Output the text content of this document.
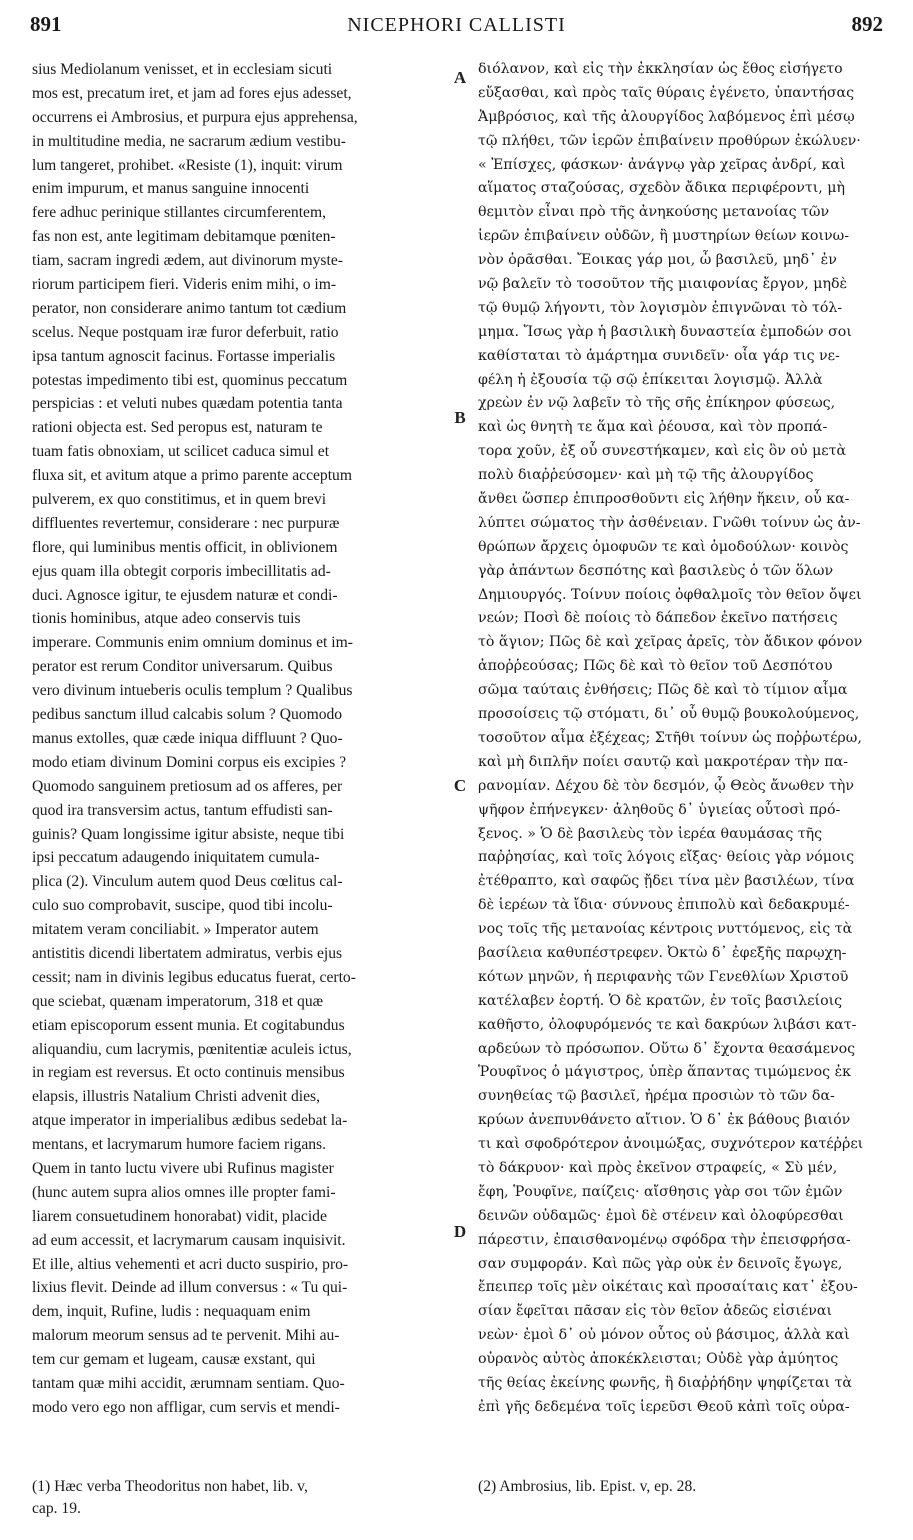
891	NICEPHORI CALLISTI	892
sius Mediolanum venisset, et in ecclesiam sicuti
mos est, precatum iret, et jam ad fores ejus adesset,
occurrens ei Ambrosius, et purpura ejus apprehensa,
in multitudine media, ne sacrarum ædium vestibu-
lum tangeret, prohibet. «Resiste (1), inquit: virum
enim impurum, et manus sanguine innocenti
fere adhuc perinique stillantes circumferentem,
fas non est, ante legitimam debitamque pœniten-
tiam, sacram ingredi ædem, aut divinorum myste-
riorum participem fieri. Videris enim mihi, o im-
perator, non considerare animo tantum tot cædium
scelus. Neque postquam iræ furor deferbuit, ratio
ipsa tantum agnoscit facinus. Fortasse imperialis
potestas impedimento tibi est, quominus peccatum
perspicias : et veluti nubes quædam potentia tanta
rationi objecta est. Sed peropus est, naturam te
tuam fatis obnoxiam, ut scilicet caduca simul et
fluxa sit, et avitum atque a primo parente acceptum
pulverem, ex quo constitimus, et in quem brevi
diffluentes revertemur, considerare : nec purpuræ
flore, qui luminibus mentis officit, in oblivionem
ejus quam illa obtegit corporis imbecillitatis ad-
duci. Agnosce igitur, te ejusdem naturæ et condi-
tionis hominibus, atque adeo conservis tuis
imperare. Communis enim omnium dominus et im-
perator est rerum Conditor universarum. Quibus
vero divinum intueberis oculis templum ? Qualibus
pedibus sanctum illud calcabis solum ? Quomodo
manus extolles, quæ cæde iniqua diffluunt ? Quo-
modo etiam divinum Domini corpus eis excipies ?
Quomodo sanguinem pretiosum ad os afferes, per
quod ira transversim actus, tantum effudisti san-
guinis? Quam longissime igitur absiste, neque tibi
ipsi peccatum adaugendo iniquitatem cumula-
plica (2). Vinculum autem quod Deus cœlitus cal-
culo suo comprobavit, suscipe, quod tibi incolu-
mitatem veram conciliabit. » Imperator autem
antistitis dicendi libertatem admiratus, verbis ejus
cessit; nam in divinis legibus educatus fuerat, certo-
que sciebat, quænam imperatorum, 318 et quæ
etiam episcoporum essent munia. Et cogitabundus
aliquandiu, cum lacrymis, pœnitentiæ aculeis ictus,
in regiam est reversus. Et octo continuis mensibus
elapsis, illustris Natalium Christi advenit dies,
atque imperator in imperialibus ædibus sedebat la-
mentans, et lacrymarum humore faciem rigans.
Quem in tanto luctu vivere ubi Rufinus magister
(hunc autem supra alios omnes ille propter fami-
liarem consuetudinem honorabat) vidit, placide
ad eum accessit, et lacrymarum causam inquisivit.
Et ille, altius vehementi et acri ducto suspirio, pro-
lixius flevit. Deinde ad illum conversus : « Tu qui-
dem, inquit, Rufine, ludis : nequaquam enim
malorum meorum sensus ad te pervenit. Mihi au-
tem cur gemam et lugeam, causæ exstant, qui
tantam quæ mihi accidit, ærumnam sentiam. Quo-
modo vero ego non affligar, cum servis et mendi-
διόλανον, καὶ εἰς τὴν ἐκκλησίαν ὡς ἔθος εἰσήγετο
εὔξασθαι, καὶ πρὸς ταῖς θύραις ἐγένετο, ὑπαντήσας
Ἀμβρόσιος, καὶ τῆς ἀλουργίδος λαβόμενος ἐπὶ μέσῳ
τῷ πλήθει, τῶν ἱερῶν ἐπιβαίνειν προθύρων ἐκώλυεν·
« Ἐπίσχες, φάσκων· ἀνάγνῳ γὰρ χεῖρας ἀνδρί, καὶ
αἵματος σταζούσας, σχεδὸν ἄδικα περιφέροντι, μὴ
θεμιτὸν εἶναι πρὸ τῆς ἀνηκούσης μετανοίας τῶν
ἱερῶν ἐπιβαίνειν οὐδῶν, ἢ μυστηρίων θείων κοινω-
νὸν ὁρᾶσθαι. Ἔοικας γάρ μοι, ὦ βασιλεῦ, μηδ᾽ ἐν
νῷ βαλεῖν τὸ τοσοῦτον τῆς μιαιφονίας ἔργον, μηδὲ
τῷ θυμῷ λήγοντι, τὸν λογισμὸν ἐπιγνῶναι τὸ τόλ-
μημα. Ἴσως γὰρ ἡ βασιλικὴ δυναστεία ἐμποδών σοι
καθίσταται τὸ ἁμάρτημα συνιδεῖν· οἷα γάρ τις νε-
φέλη ἡ ἐξουσία τῷ σῷ ἐπίκειται λογισμῷ. Ἀλλὰ
χρεὼν ἐν νῷ λαβεῖν τὸ τῆς σῆς ἐπίκηρον φύσεως,
καὶ ὡς θνητὴ τε ἅμα καὶ ῥέουσα, καὶ τὸν προπά-
τορα χοῦν, ἐξ οὗ συνεστήκαμεν, καὶ εἰς ὃν οὐ μετὰ
πολὺ διαῤῥεύσομεν· καὶ μὴ τῷ τῆς ἀλουργίδος
ἄνθει ὥσπερ ἐπιπροσθοῦντι εἰς λήθην ἥκειν, οὗ κα-
λύπτει σώματος τὴν ἀσθένειαν. Γνῶθι τοίνυν ὡς ἀν-
θρώπων ἄρχεις ὁμοφυῶν τε καὶ ὁμοδούλων· κοινὸς
γὰρ ἁπάντων δεσπότης καὶ βασιλεὺς ὁ τῶν ὅλων
Δημιουργός. Τοίνυν ποίοις ὀφθαλμοῖς τὸν θεῖον ὄψει
νεών; Ποσὶ δὲ ποίοις τὸ δάπεδον ἐκεῖνο πατήσεις
τὸ ἅγιον; Πῶς δὲ καὶ χεῖρας ἀρεῖς, τὸν ἄδικον φόνον
ἀποῤῥεούσας; Πῶς δὲ καὶ τὸ θεῖον τοῦ Δεσπότου
σῶμα ταύταις ἐνθήσεις; Πῶς δὲ καὶ τὸ τίμιον αἷμα
προσοίσεις τῷ στόματι, δι᾽ οὗ θυμῷ βουκολούμενος,
τοσοῦτον αἷμα ἐξέχεας; Στῆθι τοίνυν ὡς ποῤῥωτέρω,
καὶ μὴ διπλῆν ποίει σαυτῷ καὶ μακροτέραν τὴν πα-
ρανομίαν. Δέχου δὲ τὸν δεσμόν, ᾧ Θεὸς ἄνωθεν τὴν
ψῆφον ἐπήνεγκεν· ἀληθοῦς δ᾽ ὑγιείας οὗτοσὶ πρό-
ξενος. » Ὁ δὲ βασιλεὺς τὸν ἱερέα θαυμάσας τῆς
παῤῥησίας, καὶ τοῖς λόγοις εἴξας· θείοις γὰρ νόμοις
ἐτέθραπτο, καὶ σαφῶς ᾔδει τίνα μὲν βασιλέων, τίνα
δὲ ἱερέων τὰ ἴδια· σύννους ἐπιπολὺ καὶ δεδακρυμέ-
νος τοῖς τῆς μετανοίας κέντροις νυττόμενος, εἰς τὰ
βασίλεια καθυπέστρεφεν. Ὀκτὼ δ᾽ ἐφεξῆς παρῳχη-
κότων μηνῶν, ἡ περιφανὴς τῶν Γενεθλίων Χριστοῦ
κατέλαβεν ἑορτή. Ὁ δὲ κρατῶν, ἐν τοῖς βασιλείοις
καθῆστο, ὀλοφυρόμενός τε καὶ δακρύων λιβάσι κατ-
αρδεύων τὸ πρόσωπον. Οὕτω δ᾽ ἔχοντα θεασάμενος
Ῥουφῖνος ὁ μάγιστρος, ὑπὲρ ἅπαντας τιμώμενος ἐκ
συνηθείας τῷ βασιλεῖ, ἠρέμα προσιὼν τὸ τῶν δα-
κρύων ἀνεπυνθάνετο αἴτιον. Ὁ δ᾽ ἐκ βάθους βιαιόν
τι καὶ σφοδρότερον ἀνοιμώξας, συχνότερον κατέῤῥει
τὸ δάκρυον· καὶ πρὸς ἐκεῖνον στραφείς, « Σὺ μέν,
ἔφη, Ῥουφῖνε, παίζεις· αἴσθησις γὰρ σοι τῶν ἐμῶν
δεινῶν οὐδαμῶς· ἐμοὶ δὲ στένειν καὶ ὀλοφύρεσθαι
πάρεστιν, ἐπαισθανομένῳ σφόδρα τὴν ἐπεισφρήσα-
σαν συμφοράν. Καὶ πῶς γὰρ οὐκ ἐν δεινοῖς ἔγωγε,
ἔπειπερ τοῖς μὲν οἰκέταις καὶ προσαίταις κατ᾽ ἐξου-
σίαν ἔφεῖται πᾶσαν εἰς τὸν θεῖον ἀδεῶς εἰσιέναι
νεὼν· ἐμοὶ δ᾽ οὐ μόνον οὗτος οὐ βάσιμος, ἀλλὰ καὶ
οὐρανὸς αὐτὸς ἀποκέκλεισται; Οὐδὲ γὰρ ἀμύητος
τῆς θείας ἐκείνης φωνῆς, ἢ διαῤῥήδην ψηφίζεται τὰ
ἐπὶ γῆς δεδεμένα τοῖς ἱερεῦσι Θεοῦ κἀπὶ τοῖς οὐρα-
A
B
C
D
(1) Hæc verba Theodoritus non habet, lib. v,
cap. 19.
(2) Ambrosius, lib. Epist. v, ep. 28.
